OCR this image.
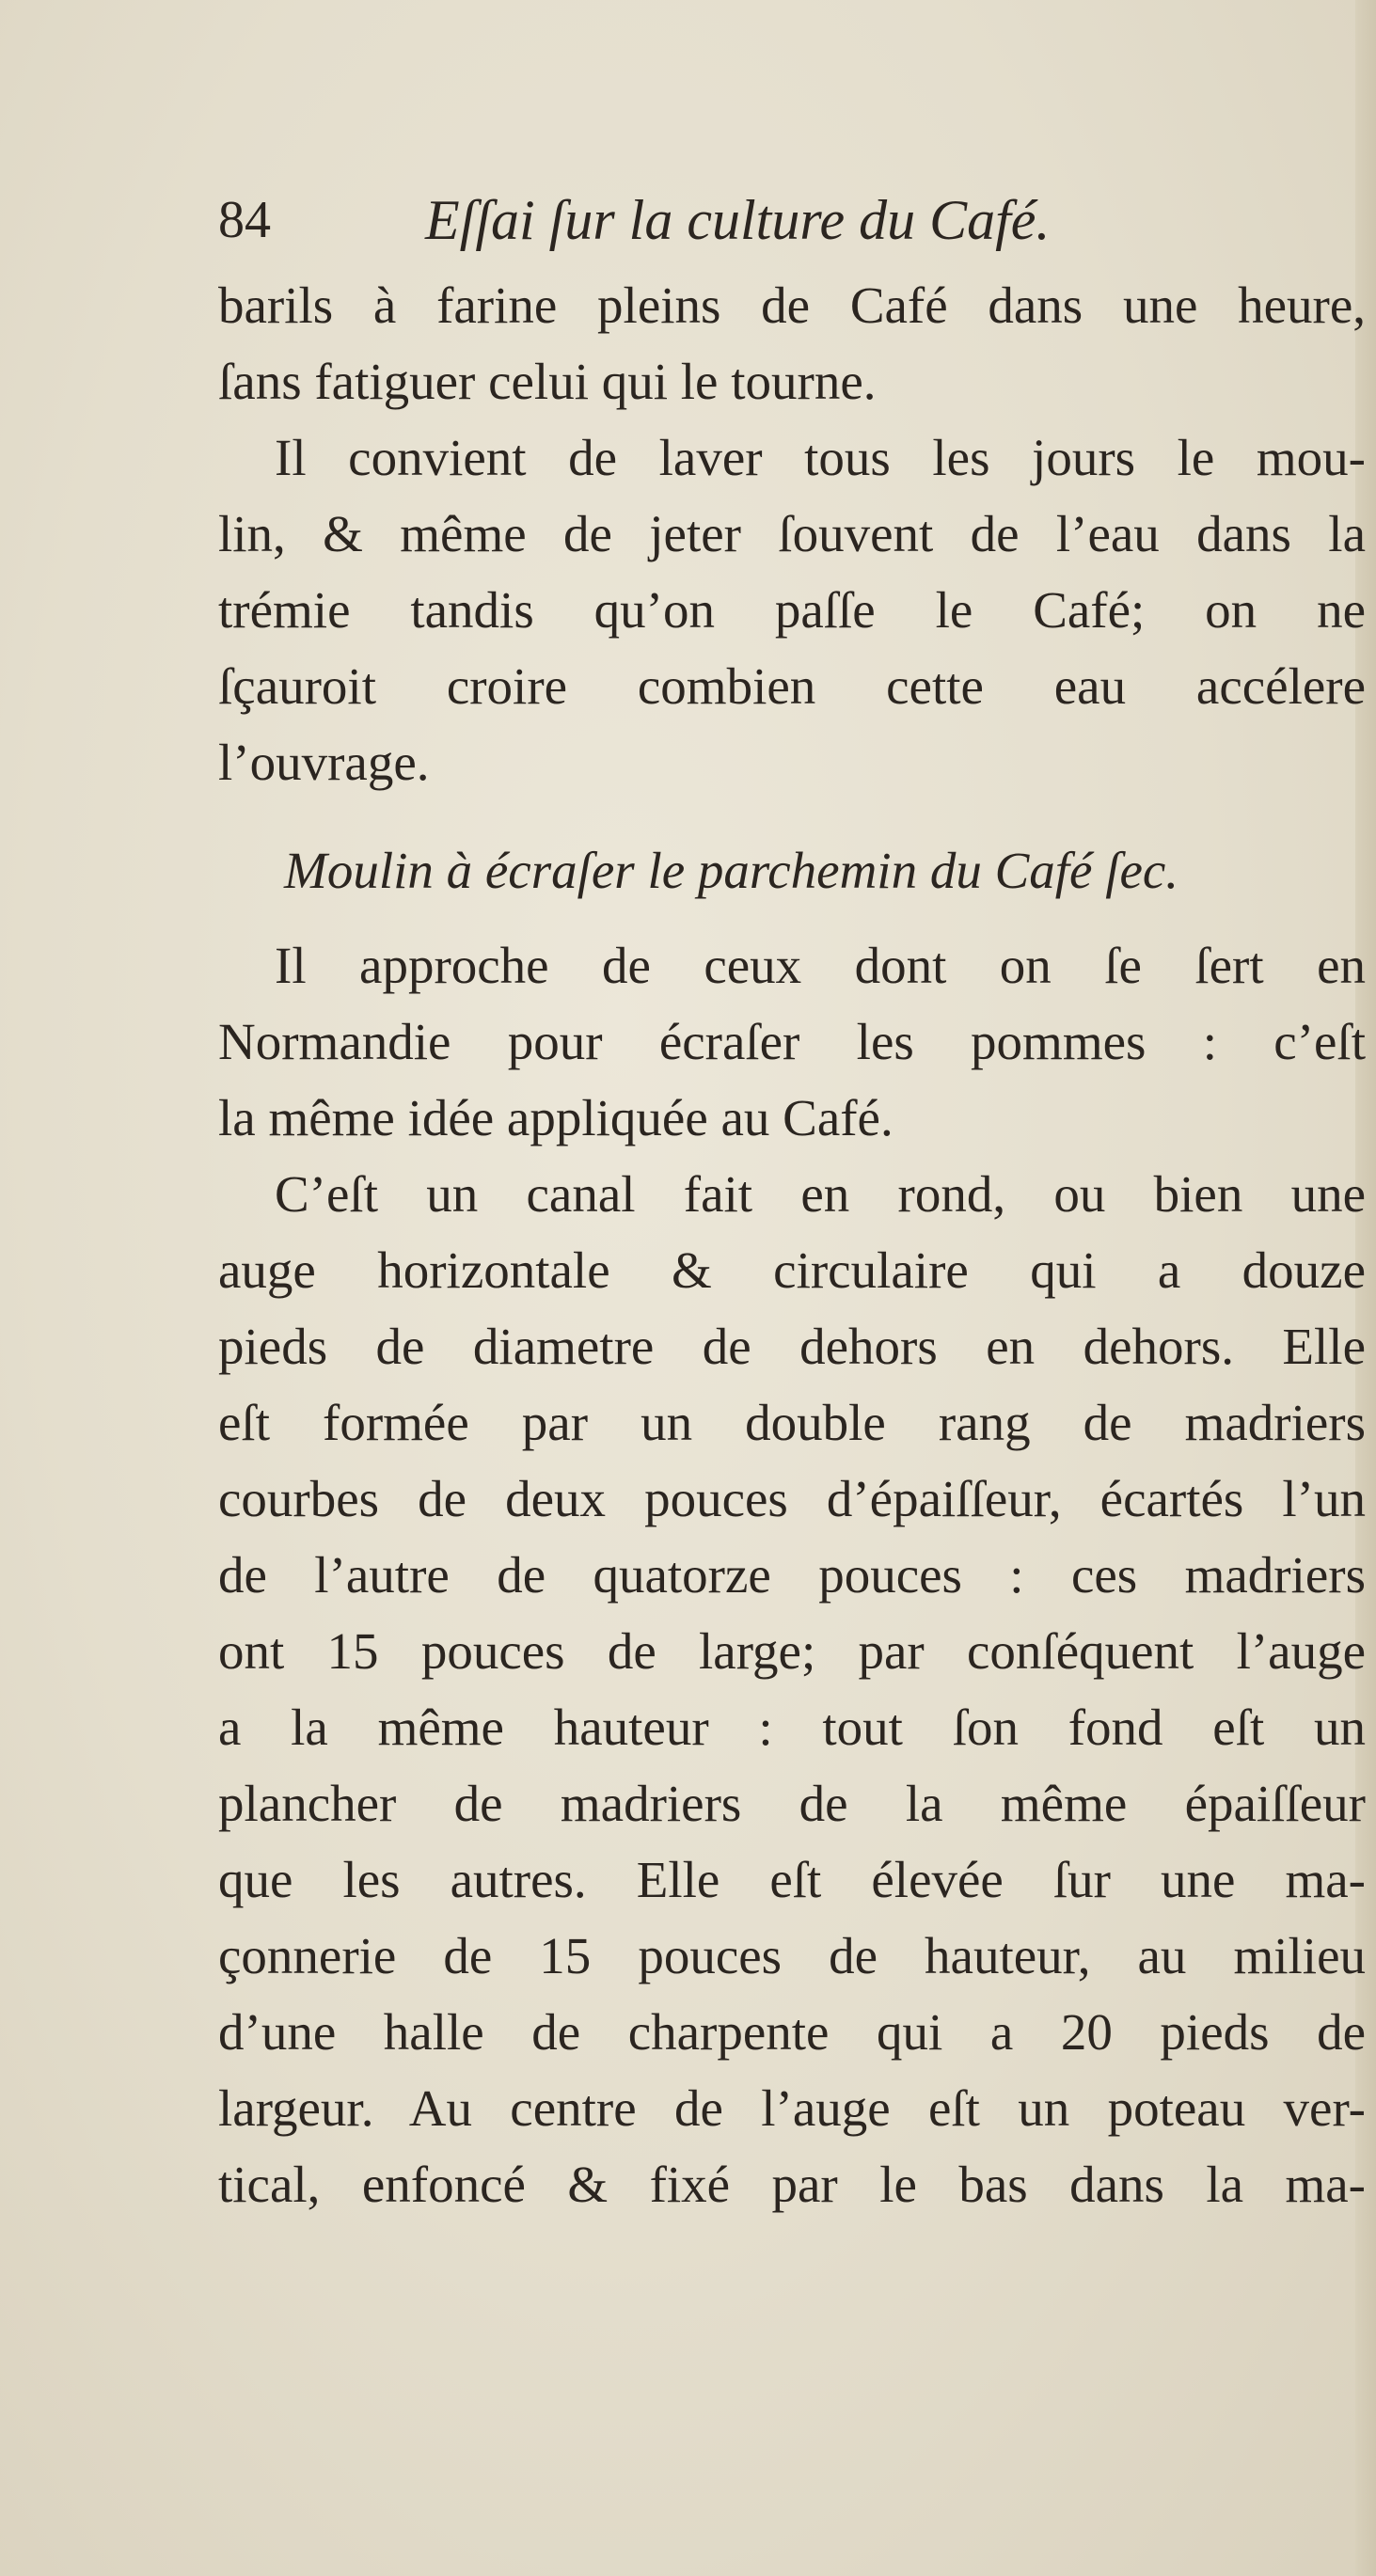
84	Eſſai ſur la culture du Café.
barils à farine pleins de Café dans une heure,
ſans fatiguer celui qui le tourne.
Il convient de laver tous les jours le mou-
lin, & même de jeter ſouvent de l’eau dans la
trémie tandis qu’on paſſe le Café; on ne
ſçauroit croire combien cette eau accélere
l’ouvrage.
Moulin à écraſer le parchemin du Café ſec.
Il approche de ceux dont on ſe ſert en
Normandie pour écraſer les pommes : c’eſt
la même idée appliquée au Café.
C’eſt un canal fait en rond, ou bien une
auge horizontale & circulaire qui a douze
pieds de diametre de dehors en dehors. Elle
eſt formée par un double rang de madriers
courbes de deux pouces d’épaiſſeur, écartés l’un
de l’autre de quatorze pouces : ces madriers
ont 15 pouces de large; par conſéquent l’auge
a la même hauteur : tout ſon fond eſt un
plancher de madriers de la même épaiſſeur
que les autres. Elle eſt élevée ſur une ma-
çonnerie de 15 pouces de hauteur, au milieu
d’une halle de charpente qui a 20 pieds de
largeur. Au centre de l’auge eſt un poteau ver-
tical, enfoncé & fixé par le bas dans la ma-
